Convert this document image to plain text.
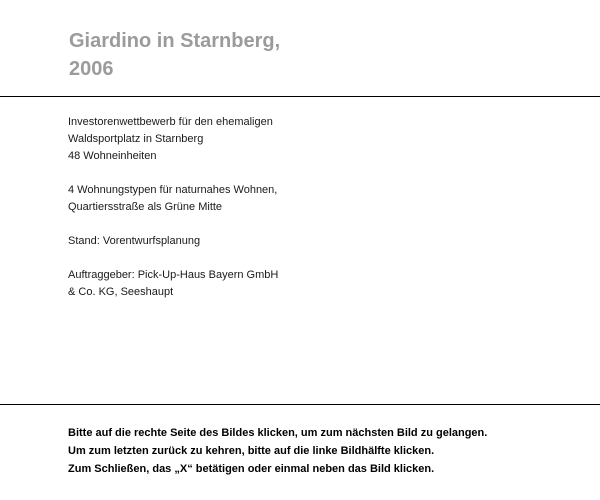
Giardino in Starnberg,
2006

Investorenwettbewerb für den ehemaligen
Waldsportplatz in Starnberg
48 Wohneinheiten

4 Wohnungstypen für naturnahes Wohnen,
Quartiersstraße als Grüne Mitte

Stand: Vorentwurfsplanung

Auftraggeber: Pick-Up-Haus Bayern GmbH
& Co. KG, Seeshaupt

Bitte auf die rechte Seite des Bildes klicken, um zum nächsten Bild zu gelangen.
Um zum letzten zurück zu kehren, bitte auf die linke Bildhälfte klicken.
Zum Schließen, das „X“ betätigen oder einmal neben das Bild klicken.
